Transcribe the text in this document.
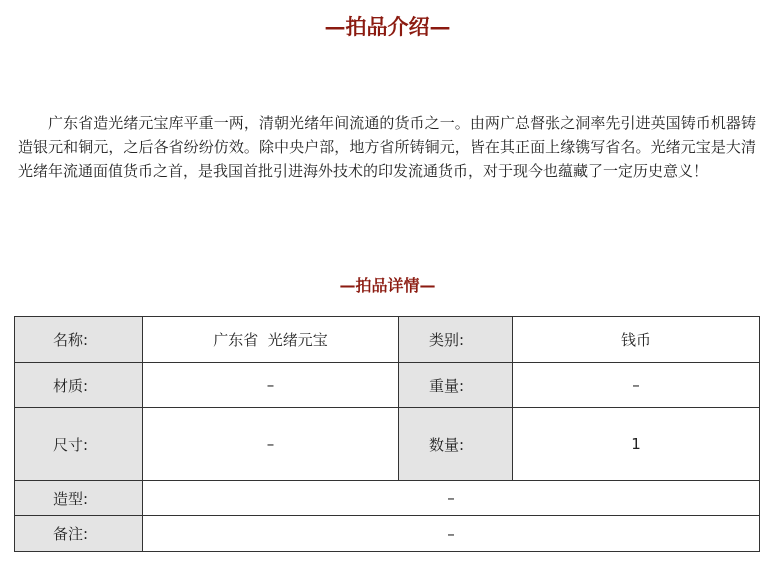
—拍品介绍—

广东省造光绪元宝库平重一两，清朝光绪年间流通的货币之一。由两广总督张之洞率先引进英国铸币机器铸造银元和铜元，之后各省纷纷仿效。除中央户部，地方省所铸铜元，皆在其正面上缘镌写省名。光绪元宝是大清光绪年流通面值货币之首，是我国首批引进海外技术的印发流通货币，对于现今也蕴藏了一定历史意义！

—拍品详情—
名称:	广东省  光绪元宝	类别:	钱币
材质:	–	重量:	–
尺寸:	–	数量:	1
造型:	–		
备注:	–		
